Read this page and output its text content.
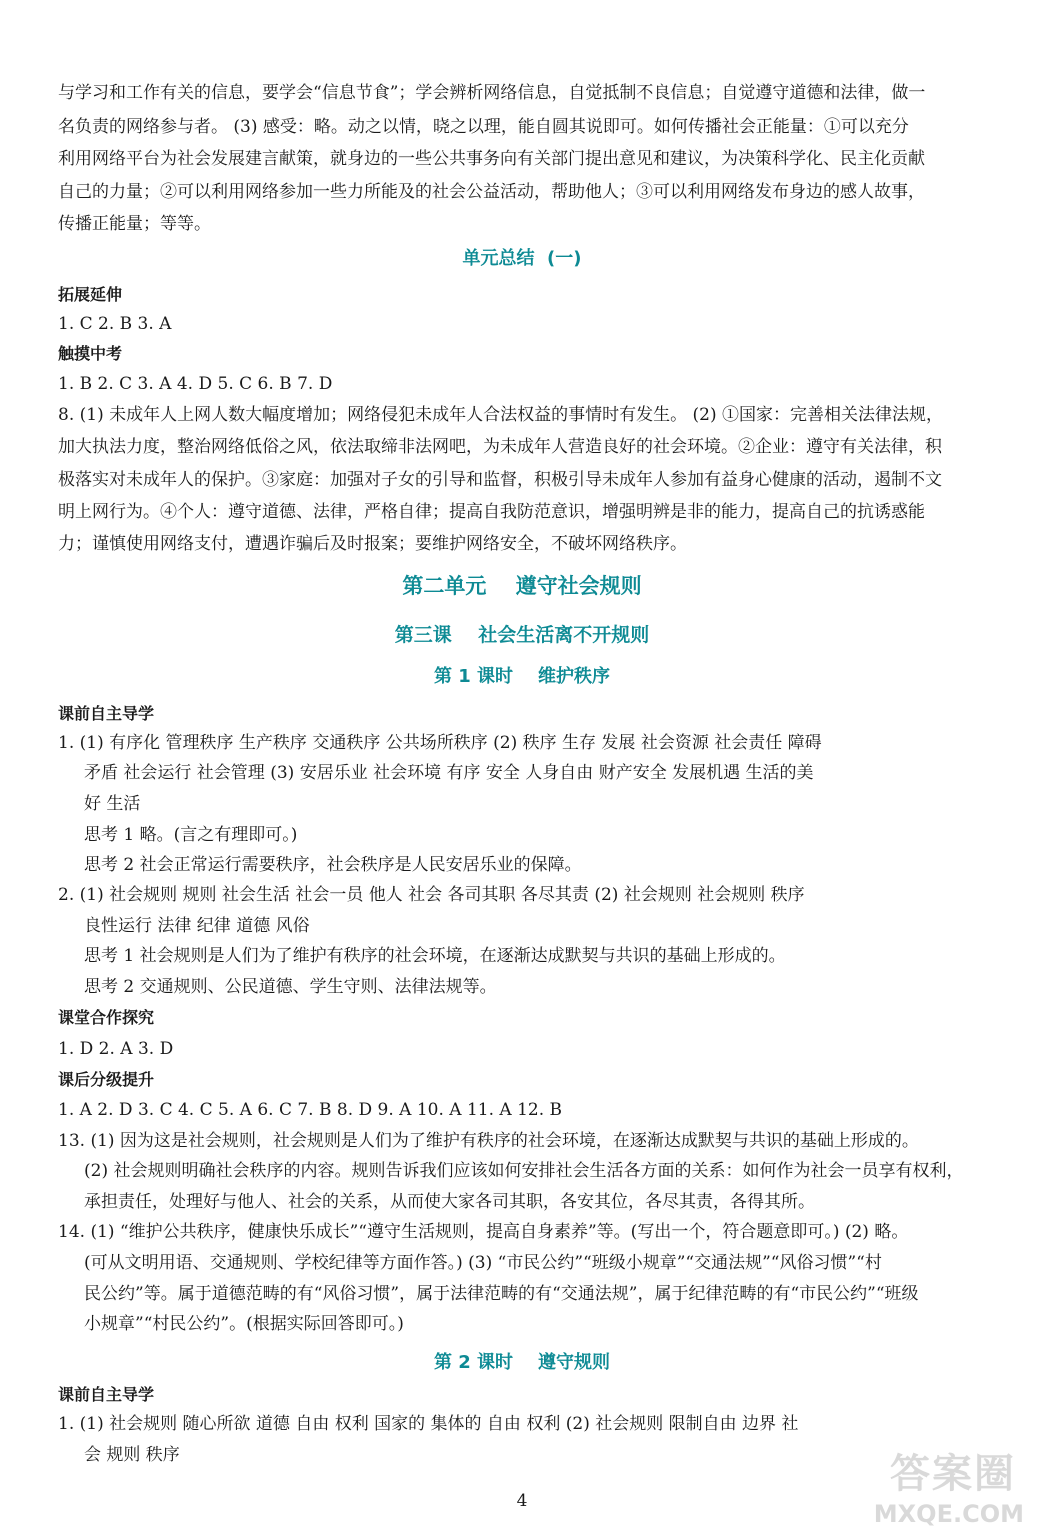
与学习和工作有关的信息，要学会“信息节食”；学会辨析网络信息，自觉抵制不良信息；自觉遵守道德和法律，做一
名负责的网络参与者。 (3) 感受：略。动之以情，晓之以理，能自圆其说即可。如何传播社会正能量：①可以充分
利用网络平台为社会发展建言献策，就身边的一些公共事务向有关部门提出意见和建议，为决策科学化、民主化贡献
自己的力量；②可以利用网络参加一些力所能及的社会公益活动，帮助他人；③可以利用网络发布身边的感人故事，
传播正能量；等等。
单元总结  (一)
拓展延伸
1. C 2. B 3. A
触摸中考
1. B 2. C 3. A 4. D 5. C 6. B 7. D
8. (1) 未成年人上网人数大幅度增加；网络侵犯未成年人合法权益的事情时有发生。 (2) ①国家：完善相关法律法规，
加大执法力度，整治网络低俗之风，依法取缔非法网吧，为未成年人营造良好的社会环境。②企业：遵守有关法律，积
极落实对未成年人的保护。③家庭：加强对子女的引导和监督，积极引导未成年人参加有益身心健康的活动，遏制不文
明上网行为。④个人：遵守道德、法律，严格自律；提高自我防范意识，增强明辨是非的能力，提高自己的抗诱惑能
力；谨慎使用网络支付，遭遇诈骗后及时报案；要维护网络安全，不破坏网络秩序。
第二单元    遵守社会规则
第三课    社会生活离不开规则
第 1 课时    维护秩序
课前自主导学
1. (1) 有序化 管理秩序 生产秩序 交通秩序 公共场所秩序 (2) 秩序 生存 发展 社会资源 社会责任 障碍
矛盾 社会运行 社会管理 (3) 安居乐业 社会环境 有序 安全 人身自由 财产安全 发展机遇 生活的美
好 生活
思考 1 略。(言之有理即可。)
思考 2 社会正常运行需要秩序，社会秩序是人民安居乐业的保障。
2. (1) 社会规则 规则 社会生活 社会一员 他人 社会 各司其职 各尽其责 (2) 社会规则 社会规则 秩序
良性运行 法律 纪律 道德 风俗
思考 1 社会规则是人们为了维护有秩序的社会环境，在逐渐达成默契与共识的基础上形成的。
思考 2 交通规则、公民道德、学生守则、法律法规等。
课堂合作探究
1. D 2. A 3. D
课后分级提升
1. A 2. D 3. C 4. C 5. A 6. C 7. B 8. D 9. A 10. A 11. A 12. B
13. (1) 因为这是社会规则，社会规则是人们为了维护有秩序的社会环境，在逐渐达成默契与共识的基础上形成的。
(2) 社会规则明确社会秩序的内容。规则告诉我们应该如何安排社会生活各方面的关系：如何作为社会一员享有权利，
承担责任，处理好与他人、社会的关系，从而使大家各司其职，各安其位，各尽其责，各得其所。
14. (1) “维护公共秩序，健康快乐成长”“遵守生活规则，提高自身素养”等。(写出一个，符合题意即可。) (2) 略。
(可从文明用语、交通规则、学校纪律等方面作答。) (3) “市民公约”“班级小规章”“交通法规”“风俗习惯”“村
民公约”等。属于道德范畴的有“风俗习惯”，属于法律范畴的有“交通法规”，属于纪律范畴的有“市民公约”“班级
小规章”“村民公约”。(根据实际回答即可。)
第 2 课时    遵守规则
课前自主导学
1. (1) 社会规则 随心所欲 道德 自由 权利 国家的 集体的 自由 权利 (2) 社会规则 限制自由 边界 社
会 规则 秩序
4
答案圈
MXQE.COM
